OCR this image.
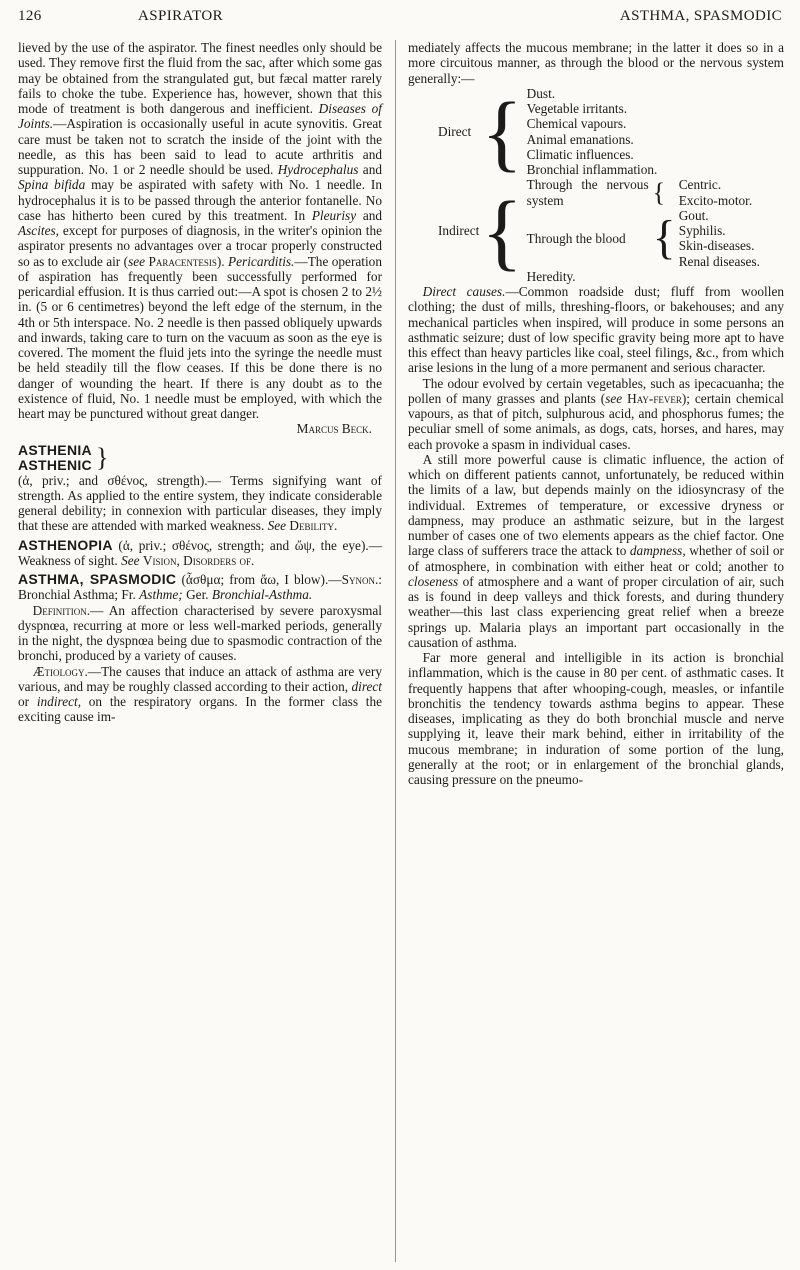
126	ASPIRATOR	ASTHMA, SPASMODIC

lieved by the use of the aspirator. The finest needles only should be used. They remove first the fluid from the sac, after which some gas may be obtained from the strangulated gut, but fæcal matter rarely fails to choke the tube. Experience has, however, shown that this mode of treatment is both dangerous and inefficient. Diseases of Joints.—Aspiration is occasionally useful in acute synovitis. Great care must be taken not to scratch the inside of the joint with the needle, as this has been said to lead to acute arthritis and suppuration. No. 1 or 2 needle should be used. Hydrocephalus and Spina bifida may be aspirated with safety with No. 1 needle. In hydrocephalus it is to be passed through the anterior fontanelle. No case has hitherto been cured by this treatment. In Pleurisy and Ascites, except for purposes of diagnosis, in the writer's opinion the aspirator presents no advantages over a trocar properly constructed so as to exclude air (see Paracentesis). Pericarditis.—The operation of aspiration has frequently been successfully performed for pericardial effusion. It is thus carried out:—A spot is chosen 2 to 2½ in. (5 or 6 centimetres) beyond the left edge of the sternum, in the 4th or 5th interspace. No. 2 needle is then passed obliquely upwards and inwards, taking care to turn on the vacuum as soon as the eye is covered. The moment the fluid jets into the syringe the needle must be held steadily till the flow ceases. If this be done there is no danger of wounding the heart. If there is any doubt as to the existence of fluid, No. 1 needle must be employed, with which the heart may be punctured without great danger.

Marcus Beck.

ASTHENIA
ASTHENIC }

(ἀ, priv.; and σθένος, strength).— Terms signifying want of strength. As applied to the entire system, they indicate considerable general debility; in connexion with particular diseases, they imply that these are attended with marked weakness. See Debility.

ASTHENOPIA (ἀ, priv.; σθένος, strength; and ὤψ, the eye).—Weakness of sight. See Vision, Disorders of.

ASTHMA, SPASMODIC (ἆσθμα; from ἄω, I blow).—Synon.: Bronchial Asthma; Fr. Asthme; Ger. Bronchial-Asthma.

Definition.— An affection characterised by severe paroxysmal dyspnœa, recurring at more or less well-marked periods, generally in the night, the dyspnœa being due to spasmodic contraction of the bronchi, produced by a variety of causes.

Ætiology.—The causes that induce an attack of asthma are very various, and may be roughly classed according to their action, direct or indirect, on the respiratory organs. In the former class the exciting cause im-

mediately affects the mucous membrane; in the latter it does so in a more circuitous manner, as through the blood or the nervous system generally:—

Direct	{	Dust.
Vegetable irritants.
Chemical vapours.
Animal emanations.
Climatic influences.
Bronchial inflammation.

Indirect	{	Through the nervous system	{	Centric.
Excito-motor.

Through the blood	{	Gout.
Syphilis.
Skin-diseases.
Renal diseases.

Heredity.

Direct causes.—Common roadside dust; fluff from woollen clothing; the dust of mills, threshing-floors, or bakehouses; and any mechanical particles when inspired, will produce in some persons an asthmatic seizure; dust of low specific gravity being more apt to have this effect than heavy particles like coal, steel filings, &c., from which arise lesions in the lung of a more permanent and serious character.

The odour evolved by certain vegetables, such as ipecacuanha; the pollen of many grasses and plants (see Hay-fever); certain chemical vapours, as that of pitch, sulphurous acid, and phosphorus fumes; the peculiar smell of some animals, as dogs, cats, horses, and hares, may each provoke a spasm in individual cases.

A still more powerful cause is climatic influence, the action of which on different patients cannot, unfortunately, be reduced within the limits of a law, but depends mainly on the idiosyncrasy of the individual. Extremes of temperature, or excessive dryness or dampness, may produce an asthmatic seizure, but in the largest number of cases one of two elements appears as the chief factor. One large class of sufferers trace the attack to dampness, whether of soil or of atmosphere, in combination with either heat or cold; another to closeness of atmosphere and a want of proper circulation of air, such as is found in deep valleys and thick forests, and during thundery weather—this last class experiencing great relief when a breeze springs up. Malaria plays an important part occasionally in the causation of asthma.

Far more general and intelligible in its action is bronchial inflammation, which is the cause in 80 per cent. of asthmatic cases. It frequently happens that after whooping-cough, measles, or infantile bronchitis the tendency towards asthma begins to appear. These diseases, implicating as they do both bronchial muscle and nerve supplying it, leave their mark behind, either in irritability of the mucous membrane; in induration of some portion of the lung, generally at the root; or in enlargement of the bronchial glands, causing pressure on the pneumo-
